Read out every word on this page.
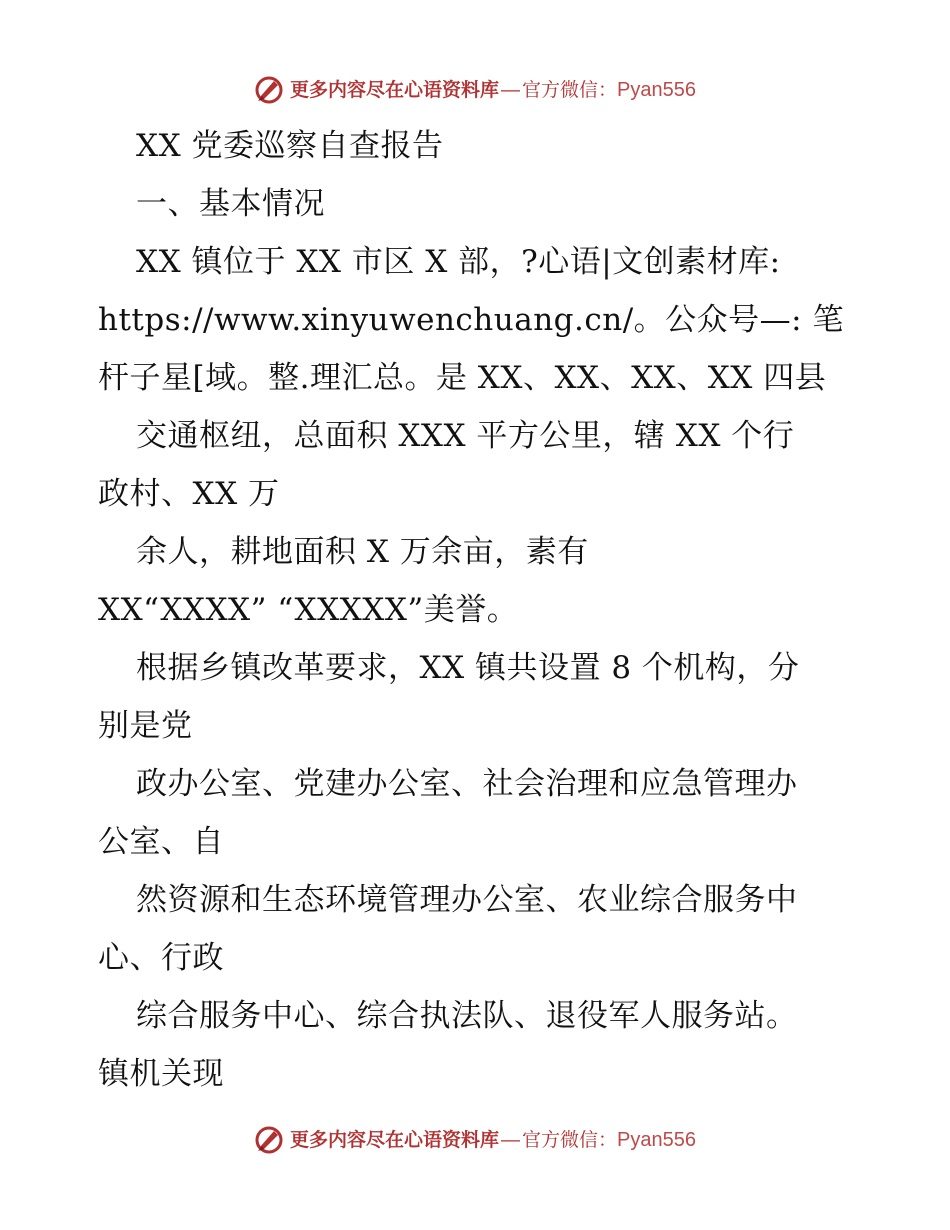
更多内容尽在心语资料库 — 官方微信： Pyan556
XX 党委巡察自查报告
一、基本情况
XX 镇位于 XX 市区 X 部，?心语|文创素材库:
https://www.xinyuwenchuang.cn/。公众号—: 笔
杆子星[域。整.理汇总。是 XX、XX、XX、XX 四县
交通枢纽，总面积 XXX 平方公里，辖 XX 个行
政村、XX 万
余人，耕地面积 X 万余亩，素有
XX“XXXX” “XXXXX”美誉。
根据乡镇改革要求，XX 镇共设置 8 个机构，分
别是党
政办公室、党建办公室、社会治理和应急管理办
公室、自
然资源和生态环境管理办公室、农业综合服务中
心、行政
综合服务中心、综合执法队、退役军人服务站。
镇机关现
更多内容尽在心语资料库 — 官方微信： Pyan556
